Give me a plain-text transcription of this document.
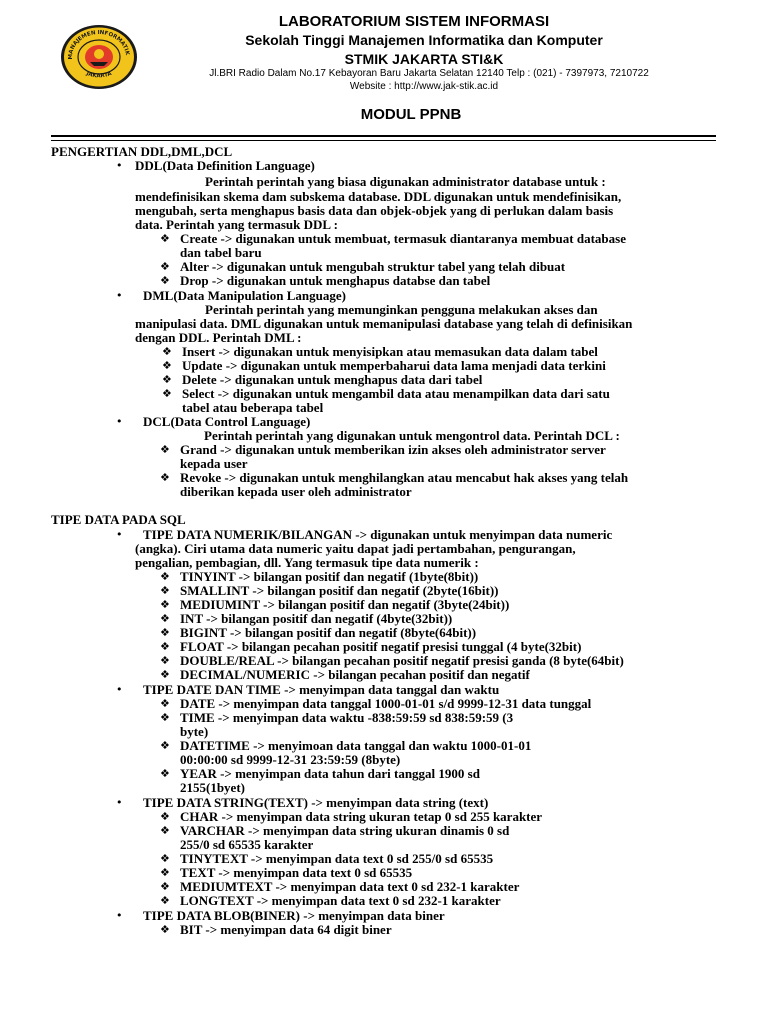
MANAJEMEN INFORMATIK
JAKARTA
LABORATORIUM SISTEM INFORMASI
Sekolah Tinggi Manajemen Informatika dan Komputer
STMIK JAKARTA STI&K
Jl.BRI Radio Dalam No.17 Kebayoran Baru Jakarta Selatan 12140 Telp : (021) - 7397973, 7210722
Website : http://www.jak-stik.ac.id
MODUL PPNB
PENGERTIAN DDL,DML,DCL
• DDL(Data Definition Language)
Perintah perintah yang biasa digunakan administrator database untuk :
mendefinisikan skema dam subskema database. DDL digunakan untuk mendefinisikan,
mengubah, serta menghapus basis data dan objek-objek yang di perlukan dalam basis
data. Perintah yang termasuk DDL :
❖ Create -> digunakan untuk membuat, termasuk diantaranya membuat database
dan tabel baru
❖ Alter -> digunakan untuk mengubah struktur tabel yang telah dibuat
❖ Drop -> digunakan untuk menghapus databse dan tabel
• DML(Data Manipulation Language)
Perintah perintah yang memunginkan pengguna melakukan akses dan
manipulasi data. DML digunakan untuk memanipulasi database yang telah di definisikan
dengan DDL. Perintah DML :
❖ Insert -> digunakan untuk menyisipkan atau memasukan data dalam tabel
❖ Update -> digunakan untuk memperbaharui data lama menjadi data terkini
❖ Delete -> digunakan untuk menghapus data dari tabel
❖ Select -> digunakan untuk mengambil data atau menampilkan data dari satu
tabel atau beberapa tabel
• DCL(Data Control Language)
Perintah perintah yang digunakan untuk mengontrol data. Perintah DCL :
❖ Grand -> digunakan untuk memberikan izin akses oleh administrator server
kepada user
❖ Revoke -> digunakan untuk menghilangkan atau mencabut hak akses yang telah
diberikan kepada user oleh administrator
TIPE DATA PADA SQL
• TIPE DATA NUMERIK/BILANGAN -> digunakan untuk menyimpan data numeric
(angka). Ciri utama data numeric yaitu dapat jadi pertambahan, pengurangan,
pengalian, pembagian, dll. Yang termasuk tipe data numerik :
❖ TINYINT -> bilangan positif dan negatif (1byte(8bit))
❖ SMALLINT -> bilangan positif dan negatif (2byte(16bit))
❖ MEDIUMINT -> bilangan positif dan negatif (3byte(24bit))
❖ INT -> bilangan positif dan negatif (4byte(32bit))
❖ BIGINT -> bilangan positif dan negatif (8byte(64bit))
❖ FLOAT -> bilangan pecahan positif negatif presisi tunggal (4 byte(32bit)
❖ DOUBLE/REAL -> bilangan pecahan positif negatif presisi ganda (8 byte(64bit)
❖ DECIMAL/NUMERIC -> bilangan pecahan positif dan negatif
• TIPE DATE DAN TIME -> menyimpan data tanggal dan waktu
❖ DATE -> menyimpan data tanggal 1000-01-01 s/d 9999-12-31 data tunggal
❖ TIME -> menyimpan data waktu -838:59:59 sd 838:59:59 (3
byte)
❖ DATETIME -> menyimoan data tanggal dan waktu 1000-01-01
00:00:00 sd 9999-12-31 23:59:59 (8byte)
❖ YEAR -> menyimpan data tahun dari tanggal 1900 sd
2155(1byet)
• TIPE DATA STRING(TEXT) -> menyimpan data string (text)
❖ CHAR -> menyimpan data string ukuran tetap 0 sd 255 karakter
❖ VARCHAR -> menyimpan data string ukuran dinamis 0 sd
255/0 sd 65535 karakter
❖ TINYTEXT -> menyimpan data text 0 sd 255/0 sd 65535
❖ TEXT -> menyimpan data text 0 sd 65535
❖ MEDIUMTEXT -> menyimpan data text 0 sd 232-1 karakter
❖ LONGTEXT -> menyimpan data text 0 sd 232-1 karakter
• TIPE DATA BLOB(BINER) -> menyimpan data biner
❖ BIT -> menyimpan data 64 digit biner
